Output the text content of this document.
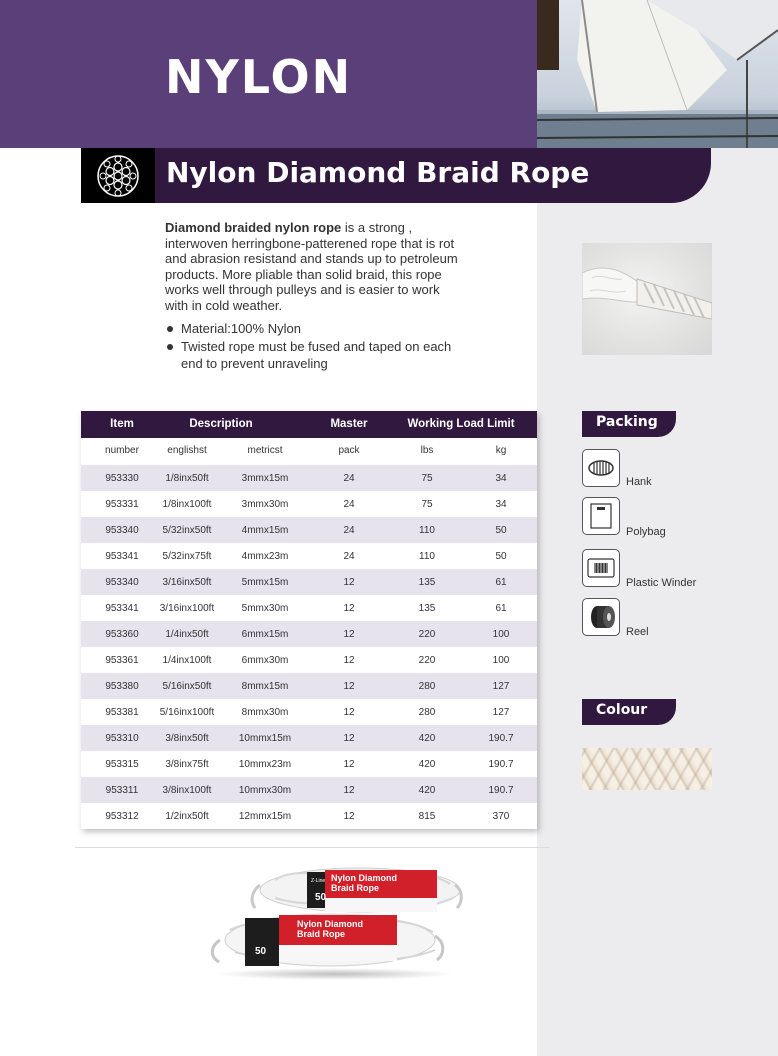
NYLON
Nylon Diamond Braid Rope
Diamond braided nylon rope is a strong , interwoven herringbone-patterened rope that is rot and abrasion resistand and stands up to petroleum products. More pliable than solid braid, this rope works well through pulleys and is easier to work with in cold weather.
Material:100% Nylon
Twisted rope must be fused and taped on each end to prevent unraveling
Item	Description	Master	Working Load Limit
number	englishst	metricst	pack	lbs	kg
953330	1/8inx50ft	3mmx15m	24	75	34
953331	1/8inx100ft	3mmx30m	24	75	34
953340	5/32inx50ft	4mmx15m	24	110	50
953341	5/32inx75ft	4mmx23m	24	110	50
953340	3/16inx50ft	5mmx15m	12	135	61
953341	3/16inx100ft	5mmx30m	12	135	61
953360	1/4inx50ft	6mmx15m	12	220	100
953361	1/4inx100ft	6mmx30m	12	220	100
953380	5/16inx50ft	8mmx15m	12	280	127
953381	5/16inx100ft	8mmx30m	12	280	127
953310	3/8inx50ft	10mmx15m	12	420	190.7
953315	3/8inx75ft	10mmx23m	12	420	190.7
953311	3/8inx100ft	10mmx30m	12	420	190.7
953312	1/2inx50ft	12mmx15m	12	815	370
Packing
Hank
Polybag
Plastic Winder
Reel
Colour
Nylon Diamond Braid Rope
50
Z-Line
Nylon Diamond Braid Rope
50
